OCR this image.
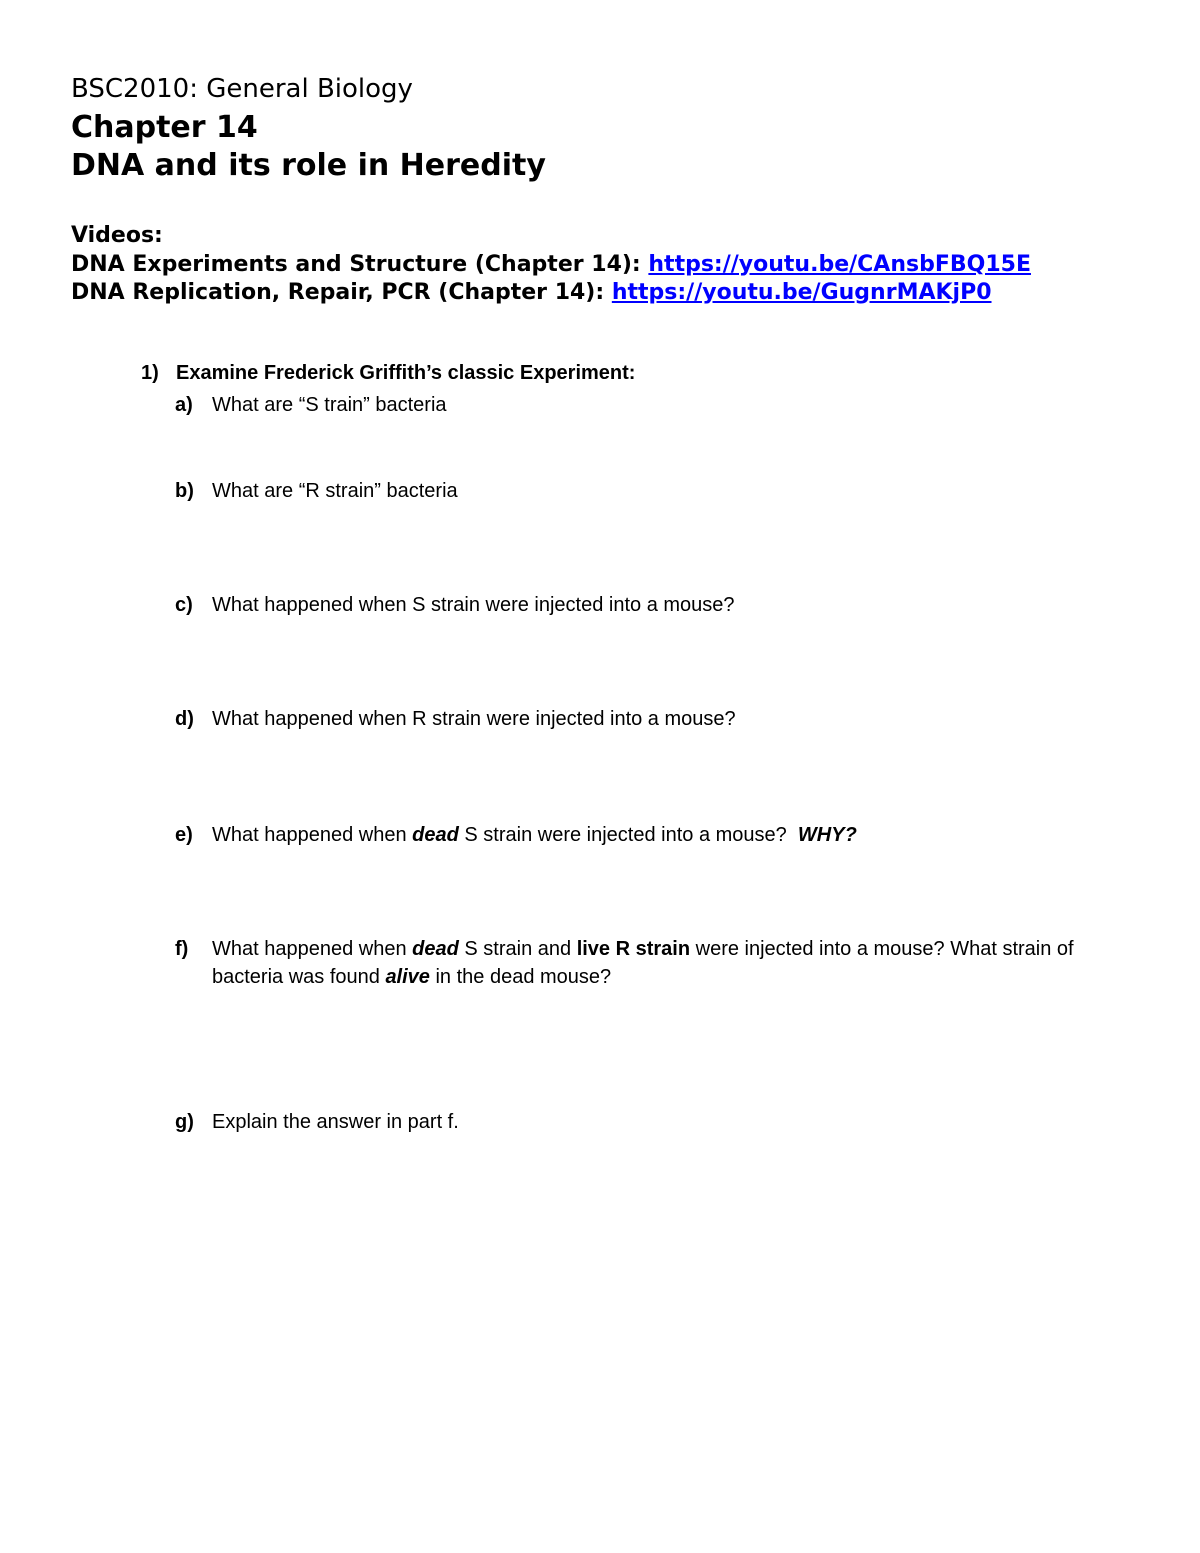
BSC2010: General Biology
Chapter 14
DNA and its role in Heredity
Videos:
DNA Experiments and Structure (Chapter 14): https://youtu.be/CAnsbFBQ15E
DNA Replication, Repair, PCR (Chapter 14): https://youtu.be/GugnrMAKjP0
1) Examine Frederick Griffith’s classic Experiment:
a) What are “S train” bacteria
b) What are “R strain” bacteria
c) What happened when S strain were injected into a mouse?
d) What happened when R strain were injected into a mouse?
e) What happened when dead S strain were injected into a mouse?  WHY?
f) What happened when dead S strain and live R strain were injected into a mouse? What strain of bacteria was found alive in the dead mouse?
g) Explain the answer in part f.
